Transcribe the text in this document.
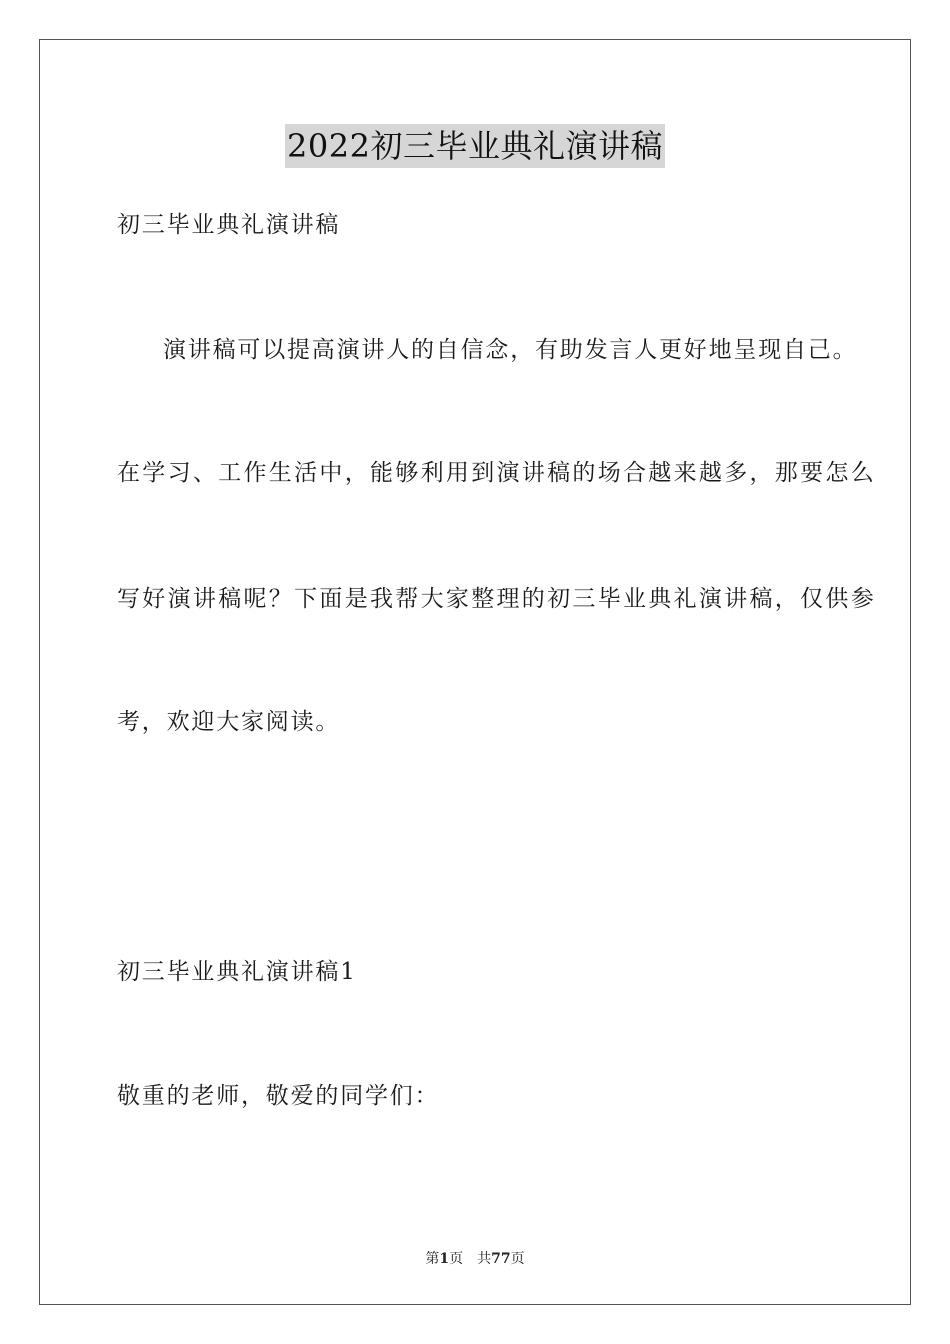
2022初三毕业典礼演讲稿
初三毕业典礼演讲稿
演讲稿可以提高演讲人的自信念，有助发言人更好地呈现自己。
在学习、工作生活中，能够利用到演讲稿的场合越来越多，那要怎么
写好演讲稿呢？下面是我帮大家整理的初三毕业典礼演讲稿，仅供参
考，欢迎大家阅读。
初三毕业典礼演讲稿1
敬重的老师，敬爱的同学们：
第1页 共77页
